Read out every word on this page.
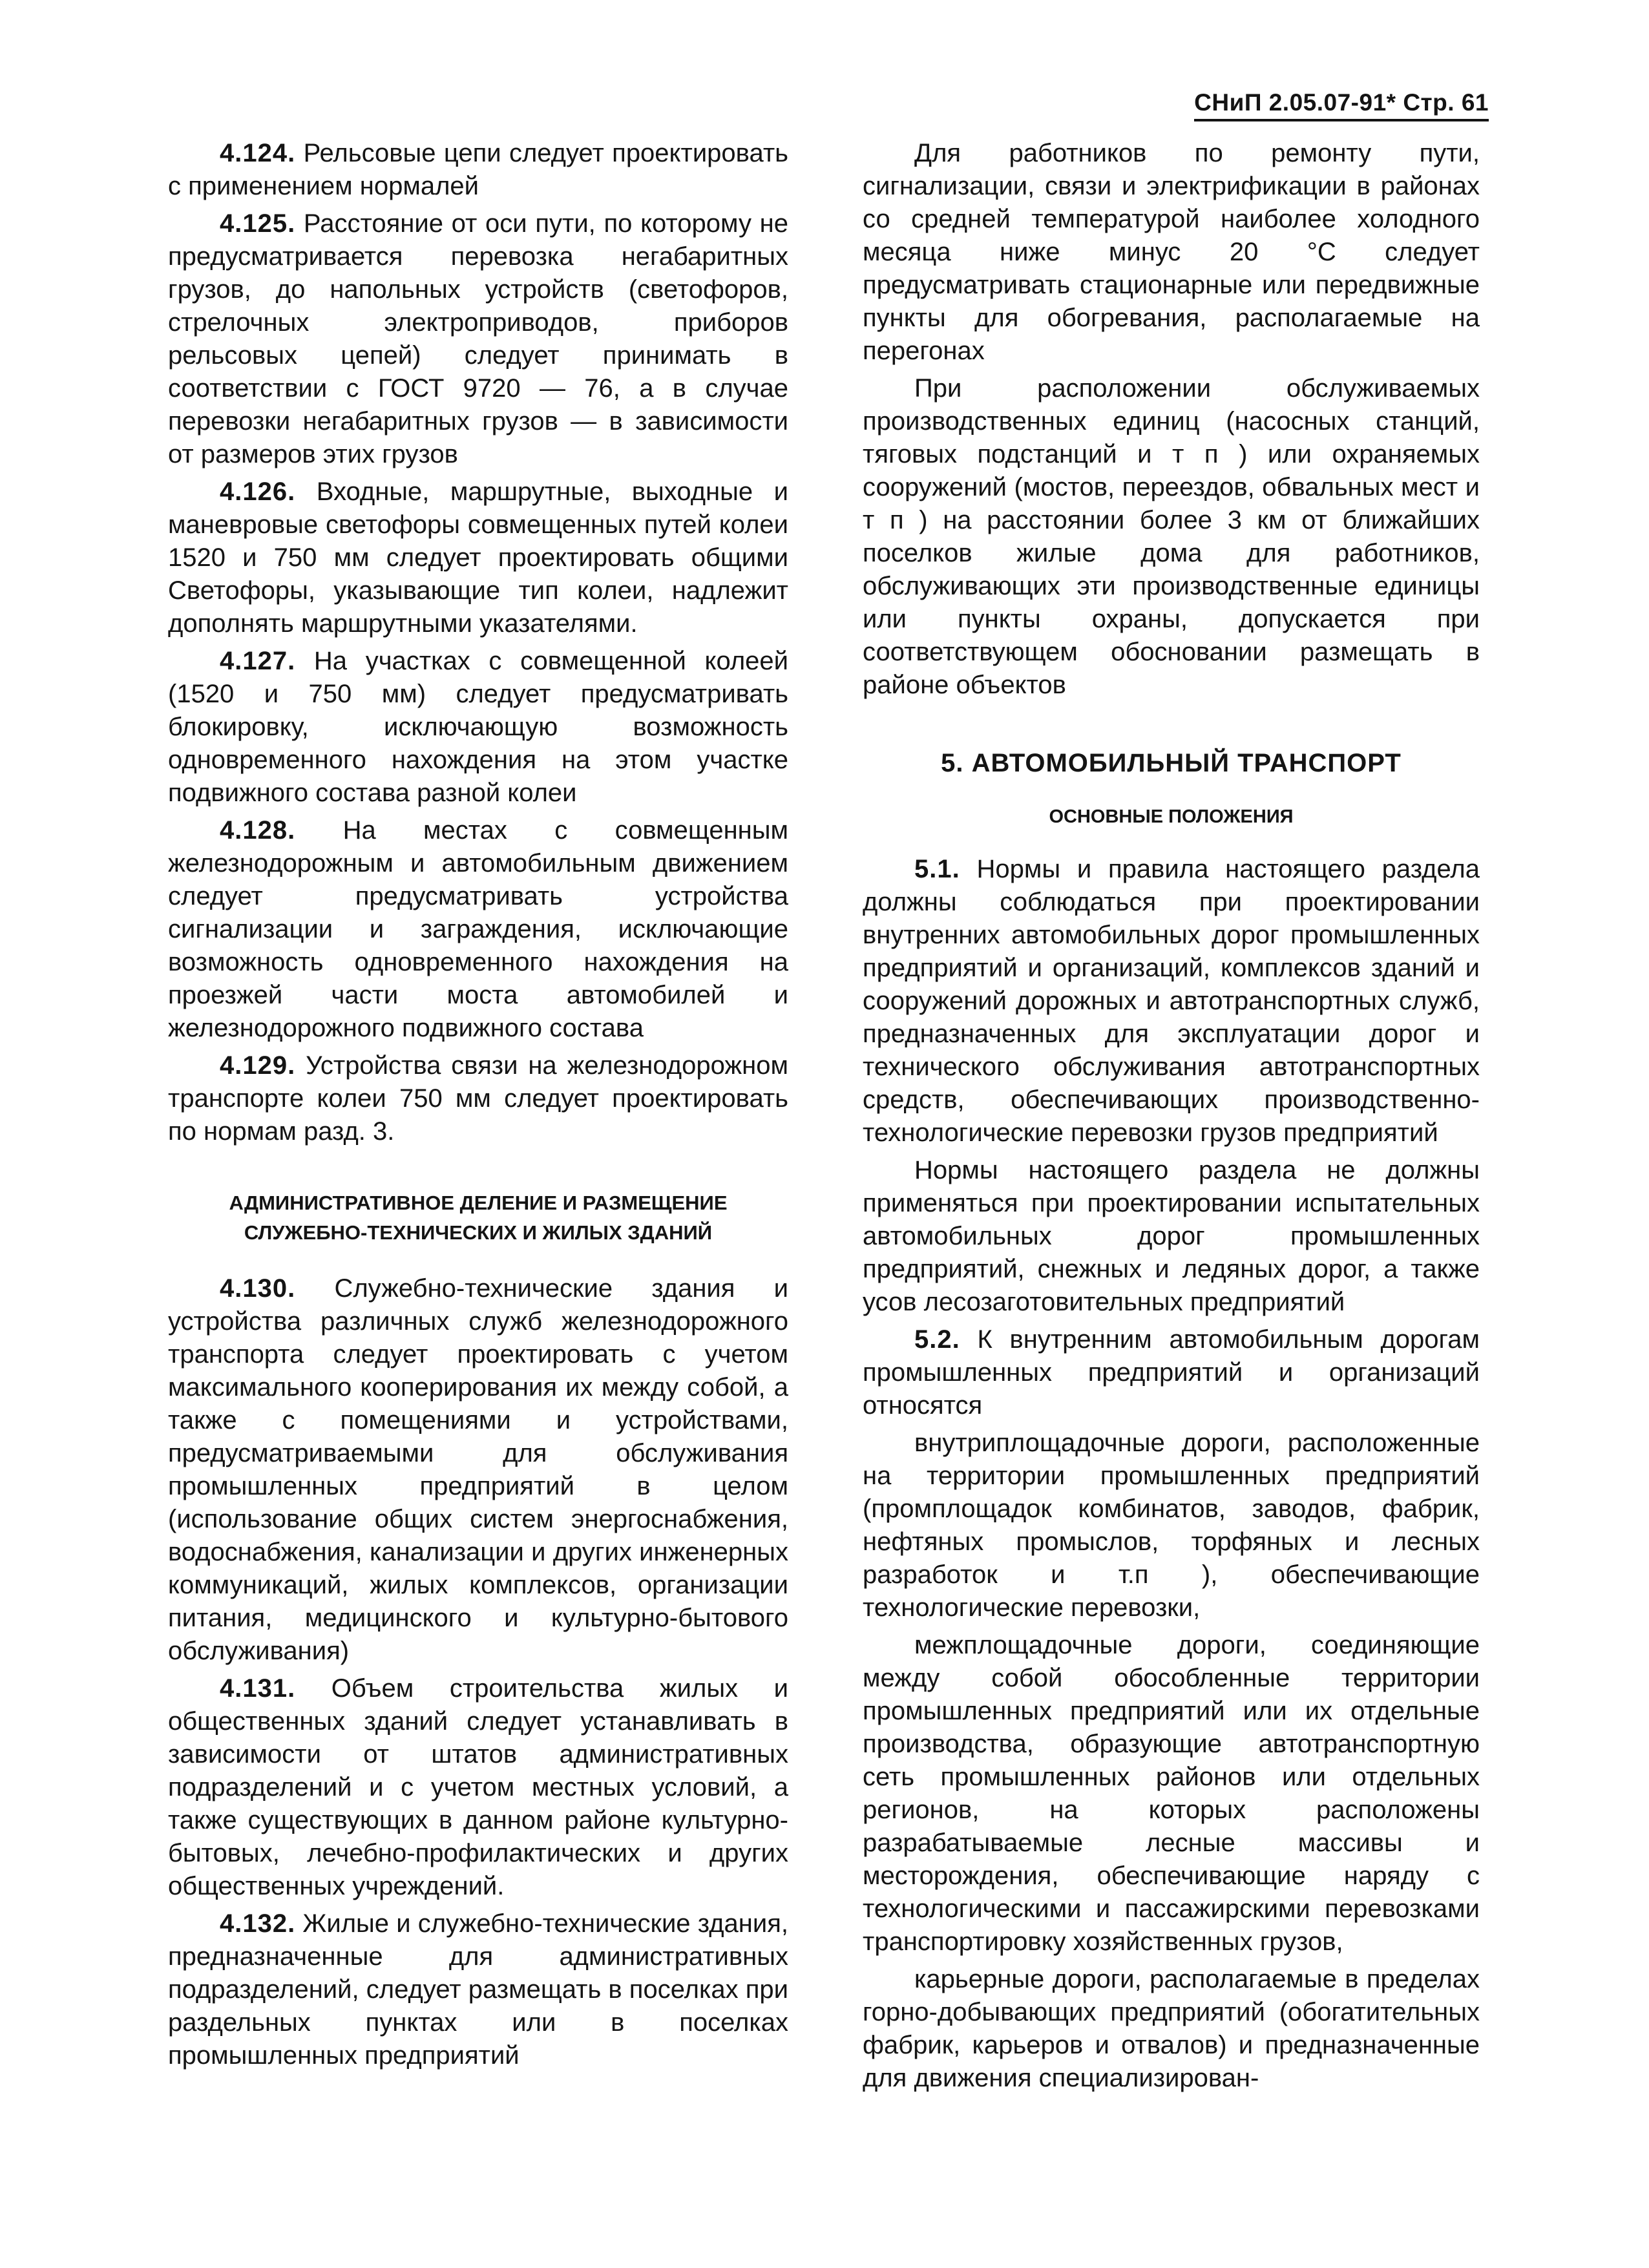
СНиП 2.05.07-91* Стр. 61

4.124. Рельсовые цепи следует проектировать с применением нормалей

4.125. Расстояние от оси пути, по которому не предусматривается перевозка негабаритных грузов, до напольных устройств (светофоров, стрелочных электроприводов, приборов рельсовых цепей) следует принимать в соответствии с ГОСТ 9720 — 76, а в случае перевозки негабаритных грузов — в зависимости от размеров этих грузов

4.126. Входные, маршрутные, выходные и маневровые светофоры совмещенных путей колеи 1520 и 750 мм следует проектировать общими Светофоры, указывающие тип колеи, надлежит дополнять маршрутными указателями.

4.127. На участках с совмещенной колеей (1520 и 750 мм) следует предусматривать блокировку, исключающую возможность одновременного нахождения на этом участке подвижного состава разной колеи

4.128. На местах с совмещенным железнодорожным и автомобильным движением следует предусматривать устройства сигнализации и заграждения, исключающие возможность одновременного нахождения на проезжей части моста автомобилей и железнодорожного подвижного состава

4.129. Устройства связи на железнодорожном транспорте колеи 750 мм следует проектировать по нормам разд. 3.

АДМИНИСТРАТИВНОЕ ДЕЛЕНИЕ И РАЗМЕЩЕНИЕ
СЛУЖЕБНО-ТЕХНИЧЕСКИХ И ЖИЛЫХ ЗДАНИЙ

4.130. Служебно-технические здания и устройства различных служб железнодорожного транспорта следует проектировать с учетом максимального кооперирования их между собой, а также с помещениями и устройствами, предусматриваемыми для обслуживания промышленных предприятий в целом (использование общих систем энергоснабжения, водоснабжения, канализации и других инженерных коммуникаций, жилых комплексов, организации питания, медицинского и культурно-бытового обслуживания)

4.131. Объем строительства жилых и общественных зданий следует устанавливать в зависимости от штатов административных подразделений и с учетом местных условий, а также существующих в данном районе культурно-бытовых, лечебно-профилактических и других общественных учреждений.

4.132. Жилые и служебно-технические здания, предназначенные для административных подразделений, следует размещать в поселках при раздельных пунктах или в поселках промышленных предприятий

Для работников по ремонту пути, сигнализации, связи и электрификации в районах со средней температурой наиболее холодного месяца ниже минус 20 °С следует предусматривать стационарные или передвижные пункты для обогревания, располагаемые на перегонах

При расположении обслуживаемых производственных единиц (насосных станций, тяговых подстанций и т п ) или охраняемых сооружений (мостов, переездов, обвальных мест и т п ) на расстоянии более 3 км от ближайших поселков жилые дома для работников, обслуживающих эти производственные единицы или пункты охраны, допускается при соответствующем обосновании размещать в районе объектов

5. АВТОМОБИЛЬНЫЙ ТРАНСПОРТ
ОСНОВНЫЕ ПОЛОЖЕНИЯ

5.1. Нормы и правила настоящего раздела должны соблюдаться при проектировании внутренних автомобильных дорог промышленных предприятий и организаций, комплексов зданий и сооружений дорожных и автотранспортных служб, предназначенных для эксплуатации дорог и технического обслуживания автотранспортных средств, обеспечивающих производственно-технологические перевозки грузов предприятий

Нормы настоящего раздела не должны применяться при проектировании испытательных автомобильных дорог промышленных предприятий, снежных и ледяных дорог, а также усов лесозаготовительных предприятий

5.2. К внутренним автомобильным дорогам промышленных предприятий и организаций относятся

внутриплощадочные дороги, расположенные на территории промышленных предприятий (промплощадок комбинатов, заводов, фабрик, нефтяных промыслов, торфяных и лесных разработок и т.п ), обеспечивающие технологические перевозки,

межплощадочные дороги, соединяющие между собой обособленные территории промышленных предприятий или их отдельные производства, образующие автотранспортную сеть промышленных районов или отдельных регионов, на которых расположены разрабатываемые лесные массивы и месторождения, обеспечивающие наряду с технологическими и пассажирскими перевозками транспортировку хозяйственных грузов,

карьерные дороги, располагаемые в пределах горно-добывающих предприятий (обогатительных фабрик, карьеров и отвалов) и предназначенные для движения специализирован-
